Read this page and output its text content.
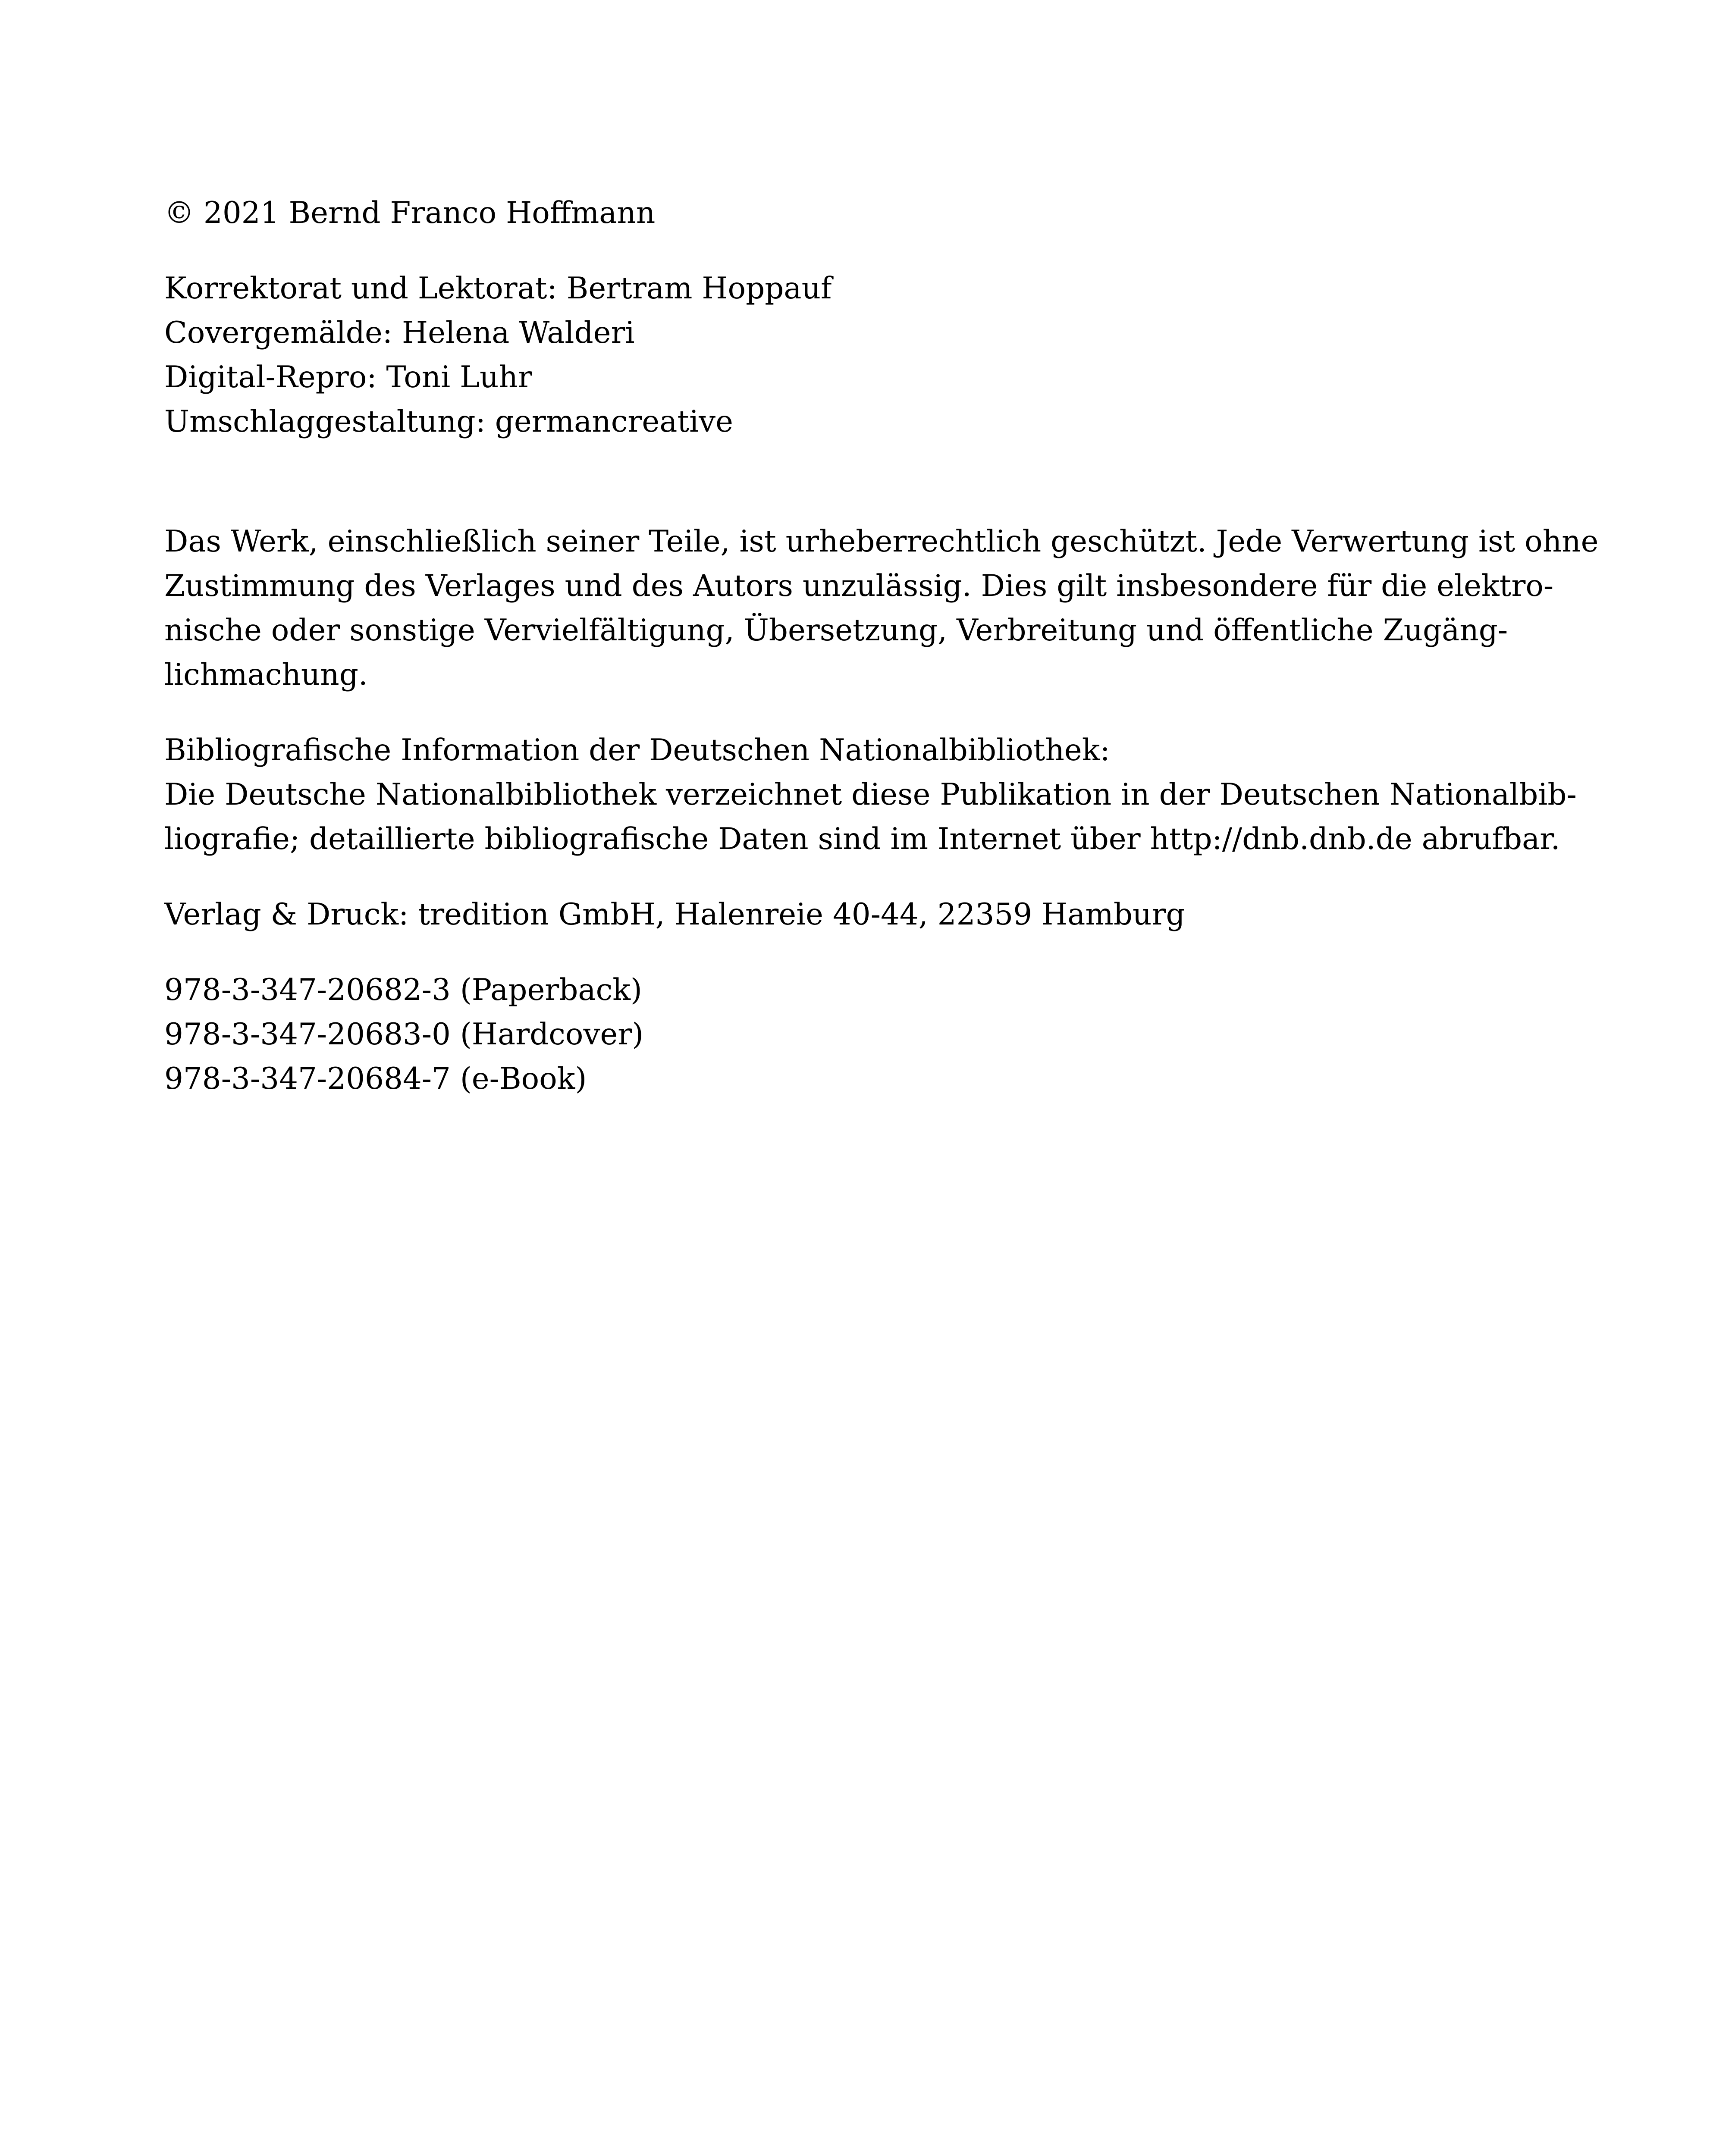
© 2021 Bernd Franco Hoffmann

Korrektorat und Lektorat: Bertram Hoppauf
Covergemälde: Helena Walderi
Digital-Repro: Toni Luhr
Umschlaggestaltung: germancreative

Das Werk, einschließlich seiner Teile, ist urheberrechtlich geschützt. Jede Verwertung ist ohne
Zustimmung des Verlages und des Autors unzulässig. Dies gilt insbesondere für die elektro-
nische oder sonstige Vervielfältigung, Übersetzung, Verbreitung und öffentliche Zugäng-
lichmachung.

Bibliografische Information der Deutschen Nationalbibliothek:
Die Deutsche Nationalbibliothek verzeichnet diese Publikation in der Deutschen Nationalbib-
liografie; detaillierte bibliografische Daten sind im Internet über http://dnb.dnb.de abrufbar.

Verlag & Druck: tredition GmbH, Halenreie 40-44, 22359 Hamburg

978-3-347-20682-3 (Paperback)
978-3-347-20683-0 (Hardcover)
978-3-347-20684-7 (e-Book)
